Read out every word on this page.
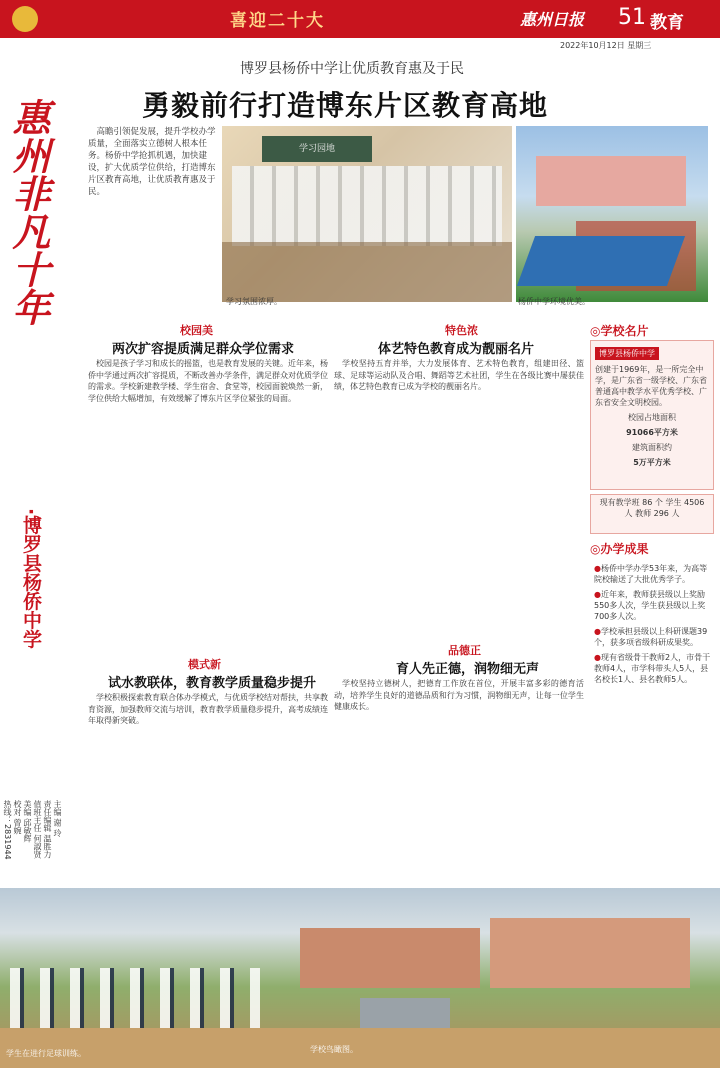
喜迎二十大	惠州日报 51 教育
2022年10月12日 星期三
惠州非凡十年
·博罗县杨侨中学
主编 谢 玲
责任编辑 温胜力
值班主任 何淑贤
美编 邱敏辉
校对 曾婉
热线：2831944
博罗县杨侨中学让优质教育惠及于民
勇毅前行打造博东片区教育高地
高瞻引领促发展，提升学校办学质量，全面落实立德树人根本任务。杨侨中学抢抓机遇，加快建设，扩大优质学位供给，打造博东片区教育高地，让优质教育惠及于民。
学习园地
学习氛围浓厚。	杨侨中学环境优美。
校园美
两次扩容提质满足群众学位需求
校园是孩子学习和成长的摇篮，也是教育发展的关键。近年来，杨侨中学通过两次扩容提质，不断改善办学条件，满足群众对优质学位的需求。学校新建教学楼、学生宿舍、食堂等，校园面貌焕然一新，学位供给大幅增加，有效缓解了博东片区学位紧张的局面。
特色浓
体艺特色教育成为靓丽名片
学校坚持五育并举，大力发展体育、艺术特色教育，组建田径、篮球、足球等运动队及合唱、舞蹈等艺术社团，学生在各级比赛中屡获佳绩，体艺特色教育已成为学校的靓丽名片。
模式新
试水教联体，教育教学质量稳步提升
学校积极探索教育联合体办学模式，与优质学校结对帮扶，共享教育资源，加强教师交流与培训，教育教学质量稳步提升，高考成绩连年取得新突破。
品德正
育人先正德，润物细无声
学校坚持立德树人，把德育工作放在首位，开展丰富多彩的德育活动，培养学生良好的道德品质和行为习惯，润物细无声，让每一位学生健康成长。
◎学校名片
博罗县杨侨中学
创建于1969年，是一所完全中学，是广东省一级学校、广东省普通高中教学水平优秀学校、广东省安全文明校园。
校园占地面积
91066平方米
建筑面积约
5万平方米
现有教学班 86 个 学生 4506 人 教师 296 人
◎办学成果
●杨侨中学办学53年来，为高等院校输送了大批优秀学子。
●近年来，教师获县级以上奖励550多人次，学生获县级以上奖700多人次。
●学校承担县级以上科研课题39个，获多项省级科研成果奖。
●现有省级骨干教师2人，市骨干教师4人，市学科带头人5人，县名校长1人、县名教师5人。
学生在进行足球训练。	学校鸟瞰图。
